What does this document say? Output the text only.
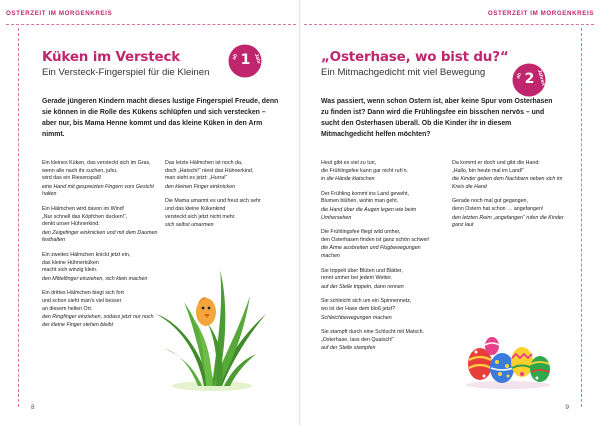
OSTERZEIT IM MORGENKREIS
Küken im Versteck
Ein Versteck-Fingerspiel für die Kleinen
ab 1 Jahr
Gerade jüngeren Kindern macht dieses lustige Fingerspiel Freude, denn sie können in die Rolle des Kükens schlüpfen und sich verstecken – aber nur, bis Mama Henne kommt und das kleine Küken in den Arm nimmt.

Ein kleines Küken, das versteckt sich im Gras,
wenn alle nach ihr suchen, juhu,
wird das ein Riesenspaß!

eine Hand mit gespreizten Fingern vors Gesicht
halten

Ein Hälmchen wird davon im Wind!
„Nur schnell das Köpfchen ducken!“,
denkt unser Hühnerkind.

den Zeigefinger einknicken und mit dem Daumen
festhalten

Ein zweites Hälmchen knickt jetzt ein,
das kleine Hühnerküken
macht sich winzig klein.

den Mittelfinger einziehen, sich klein machen

Ein drittes Hälmchen biegt sich fort
und schon sieht man's viel besser
an diesem hellen Ort.

den Ringfinger einziehen, sodass jetzt nur noch
der kleine Finger stehen bleibt

Das letzte Hälmchen ist noch da,
doch „Hatschi!“ niest das Hühnerkind,
man sieht es jetzt: „Hurra!“

den kleinen Finger einknicken

Die Mama umarmt es und freut sich sehr
und das kleine Kükenkind
versteckt sich jetzt nicht mehr.

sich selbst umarmen

8
OSTERZEIT IM MORGENKREIS
„Osterhase, wo bist du?“
Ein Mitmachgedicht mit viel Bewegung	ab 2 Jahren
Was passiert, wenn schon Ostern ist, aber keine Spur vom Osterhasen zu finden ist? Dann wird die Frühlingsfee ein bisschen nervös – und sucht den Osterhasen überall. Ob die Kinder ihr in diesem Mitmachgedicht helfen möchten?

Heut gibt es viel zu tun,
die Frühlingsfee kann gar nicht ruh'n.

in die Hände klatschen

Der Frühling kommt ins Land geweht,
Blumen blühen, wohin man geht.

die Hand über die Augen legen wie beim
Umhersehen

Die Frühlingsfee fliegt wild umher,
den Osterhasen finden ist ganz schön schwer!

die Arme ausbreiten und Flugbewegungen
machen

Sie trippelt über Blüten und Blätter,
rennt umher bei jedem Wetter.

auf der Stelle trippeln, dann rennen

Sie schleicht sich um ein Spinnennetz,
wo ist der Hase dem bloß jetzt?

Schleichbewegungen machen

Sie stampft durch eine Schlucht mit Matsch.
„Osterhase, lass den Quatsch!“

auf der Stelle stampfen

Da kommt er doch und gibt die Hand:
„Hallo, bin heute mal im Land!“

die Kinder geben dem Nachbarn neben sich im
Kreis die Hand

Gerade noch mal gut gegangen,
denn Ostern hat schon … angefangen!

den letzten Reim „angefangen“ rufen die Kinder
ganz laut

9
